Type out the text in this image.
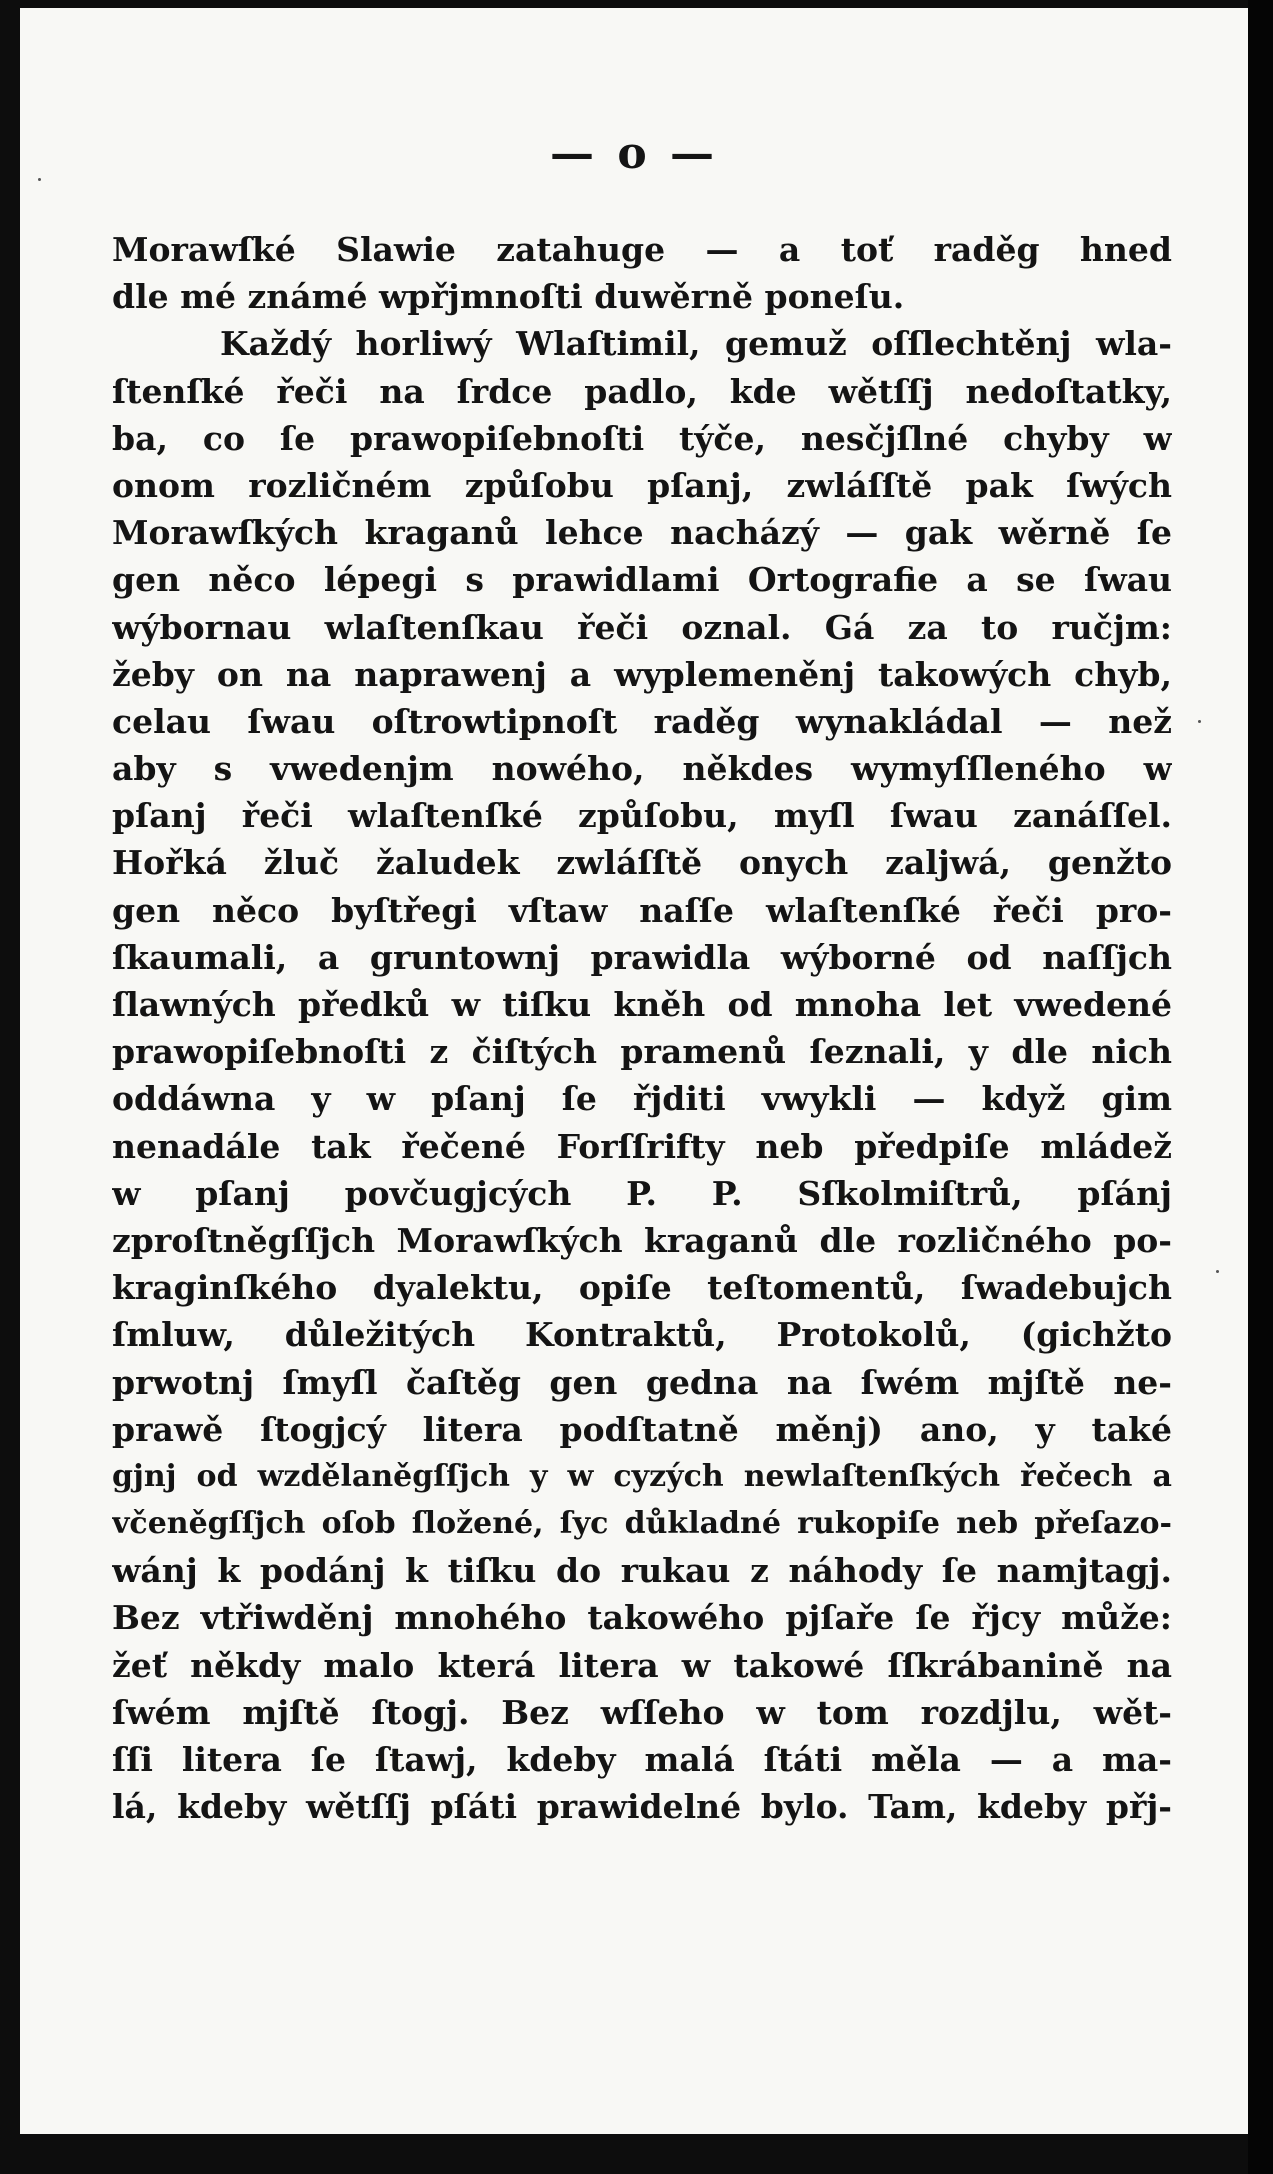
— o —
Morawſké Slawie zatahuge — a toť raděg hned
dle mé známé wpřjmnoſti duwěrně poneſu.
Každý horliwý Wlaſtimil, gemuž oſſlechtěnj wla-
ſtenſké řeči na ſrdce padlo, kde wětſſj nedoſtatky,
ba, co ſe prawopiſebnoſti týče, nesčjſlné chyby w
onom rozličném způſobu pſanj, zwláſſtě pak ſwých
Morawſkých kraganů lehce nacházý — gak wěrně ſe
gen něco lépegi s prawidlami Ortografie a se ſwau
wýbornau wlaſtenſkau řeči oznal. Gá za to ručjm:
žeby on na naprawenj a wyplemeněnj takowých chyb,
celau ſwau oſtrowtipnoſt raděg wynakládal — než
aby s vwedenjm nowého, někdes wymyſſleného w
pſanj řeči wlaſtenſké způſobu, myſl ſwau zanáſſel.
Hořká žluč žaludek zwláſſtě onych zaljwá, genžto
gen něco byſtřegi vſtaw naſſe wlaſtenſké řeči pro-
ſkaumali, a gruntownj prawidla wýborné od naſſjch
ſlawných předků w tiſku kněh od mnoha let vwedené
prawopiſebnoſti z čiſtých pramenů ſeznali, y dle nich
oddáwna y w pſanj ſe řjditi vwykli — když gim
nenadále tak řečené Forſſrifty neb předpiſe mládež
w pſanj povčugjcých P. P. Sſkolmiſtrů, pſánj
zproſtněgſſjch Morawſkých kraganů dle rozličného po-
kraginſkého dyalektu, opiſe teſtomentů, ſwadebujch
ſmluw, důležitých Kontraktů, Protokolů, (gichžto
prwotnj ſmyſl čaſtěg gen gedna na ſwém mjſtě ne-
prawě ſtogjcý litera podſtatně měnj) ano, y také
gjnj od wzdělaněgſſjch y w cyzých newlaſtenſkých řečech a
včeněgſſjch oſob ſložené, ſyc důkladné rukopiſe neb přeſazo-
wánj k podánj k tiſku do rukau z náhody ſe namjtagj.
Bez vtřiwděnj mnohého takowého pjſaře ſe řjcy může:
žeť někdy malo která litera w takowé ſſkrábanině na
ſwém mjſtě ſtogj. Bez wſſeho w tom rozdjlu, wět-
ſſi litera ſe ſtawj, kdeby malá ſtáti měla — a ma-
lá, kdeby wětſſj pſáti prawidelné bylo. Tam, kdeby přj-
